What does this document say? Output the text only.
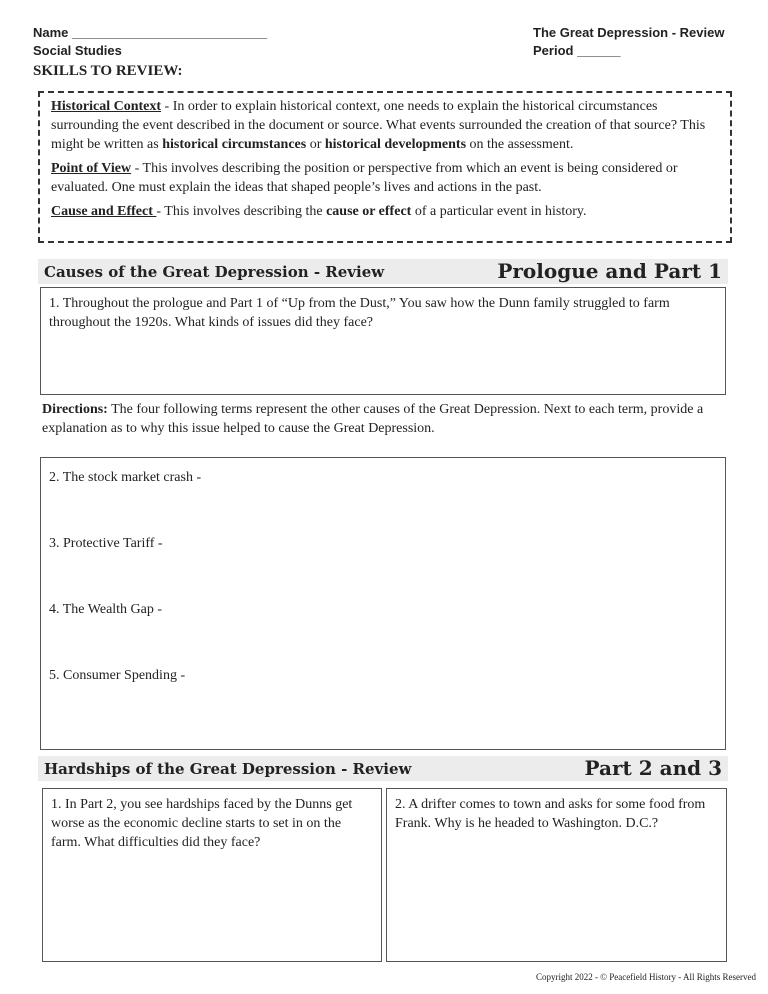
Name ___________________________
Social Studies
The Great Depression - Review
Period ______
SKILLS TO REVIEW:

Historical Context - In order to explain historical context, one needs to explain the historical circumstances surrounding the event described in the document or source. What events surrounded the creation of that source? This might be written as historical circumstances or historical developments on the assessment.

Point of View - This involves describing the position or perspective from which an event is being considered or evaluated. One must explain the ideas that shaped people’s lives and actions in the past.

Cause and Effect - This involves describing the cause or effect of a particular event in history.

Causes of the Great Depression - Review	Prologue and Part 1
1. Throughout the prologue and Part 1 of “Up from the Dust,” You saw how the Dunn family struggled to farm throughout the 1920s. What kinds of issues did they face?
Directions: The four following terms represent the other causes of the Great Depression. Next to each term, provide a explanation as to why this issue helped to cause the Great Depression.
2. The stock market crash -
3. Protective Tariff -
4. The Wealth Gap -
5. Consumer Spending -
Hardships of the Great Depression - Review	Part 2 and 3
1. In Part 2, you see hardships faced by the Dunns get worse as the economic decline starts to set in on the farm. What difficulties did they face?
2. A drifter comes to town and asks for some food from Frank. Why is he headed to Washington. D.C.?
Copyright 2022 - © Peacefield History - All Rights Reserved
